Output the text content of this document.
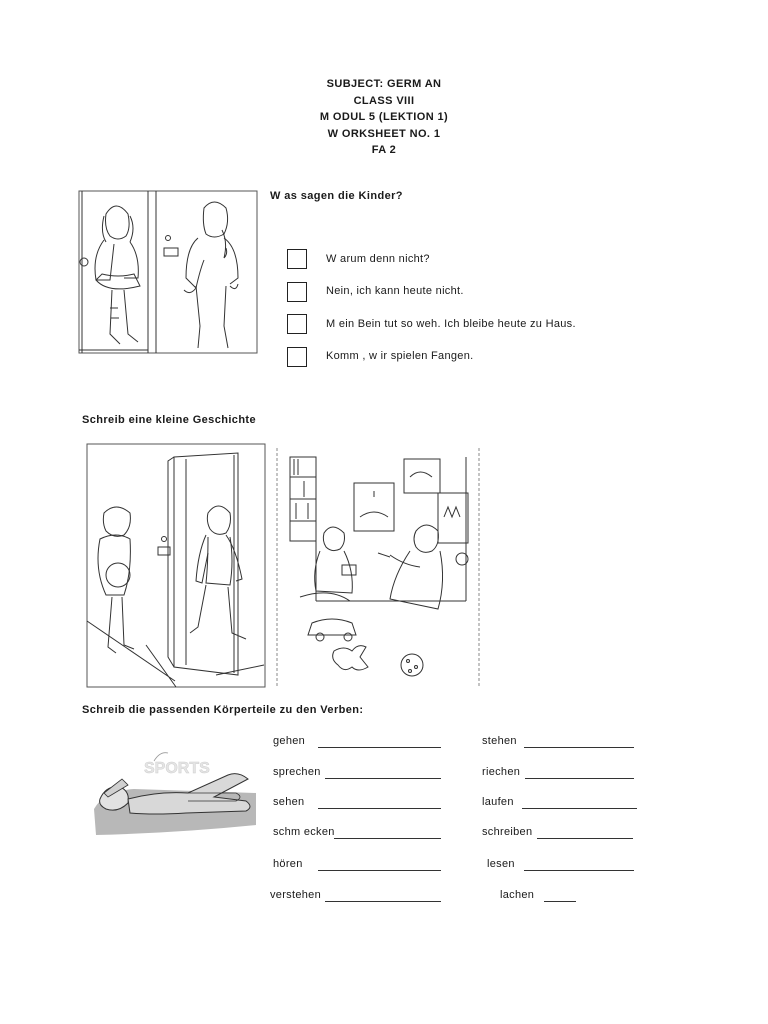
SUBJECT: GERM AN
CLASS VIII
M ODUL 5 (LEKTION 1)
W ORKSHEET NO. 1
FA 2
W as sagen die Kinder?
W arum denn nicht?
Nein, ich kann heute nicht.
M ein Bein tut so weh. Ich bleibe heute zu Haus.
Komm , w ir spielen Fangen.
Schreib eine kleine Geschichte
Schreib die passenden Körperteile zu den Verben:
SPORTS
gehen
sprechen
sehen
schm ecken
hören
verstehen
stehen
riechen
laufen
schreiben
lesen
lachen
